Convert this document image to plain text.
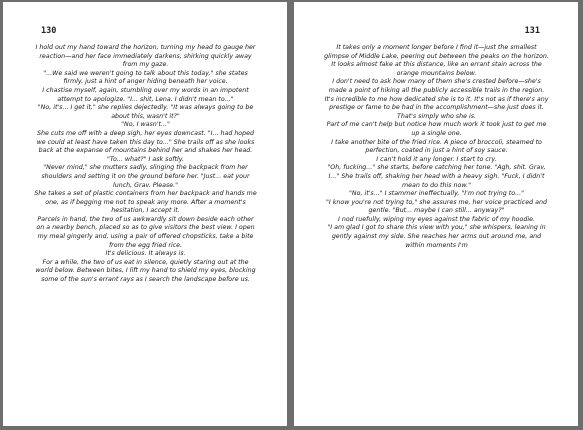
130

I hold out my hand toward the horizon, turning my head to gauge her reaction—and her face immediately darkens, shirking quickly away from my gaze.

"...We said we weren't going to talk about this today," she states firmly, just a hint of anger hiding beneath her voice.

I chastise myself, again, stumbling over my words in an impotent attempt to apologize. "I... shit, Lena. I didn't mean to..."

"No, it's... I get it," she replies dejectedly. "It was always going to be about this, wasn't it?"

"No, I wasn't..."

She cuts me off with a deep sigh, her eyes downcast. "I... had hoped we could at least have taken this day to..." She trails off as she looks back at the expanse of mountains behind her and shakes her head.

"To... what?" I ask softly.

"Never mind," she mutters sadly, slinging the backpack from her shoulders and setting it on the ground before her. "Just... eat your lunch, Grav. Please."

She takes a set of plastic containers from her backpack and hands me one, as if begging me not to speak any more. After a moment's hesitation, I accept it.

Parcels in hand, the two of us awkwardly sit down beside each other on a nearby bench, placed so as to give visitors the best view. I open my meal gingerly and, using a pair of offered chopsticks, take a bite from the egg fried rice.

It's delicious. It always is.

For a while, the two of us eat in silence, quietly staring out at the world below. Between bites, I lift my hand to shield my eyes, blocking some of the sun's errant rays as I search the landscape before us.

131

It takes only a moment longer before I find it—just the smallest glimpse of Middle Lake, peering out between the peaks on the horizon. It looks almost fake at this distance, like an errant stain across the orange mountains below.

I don't need to ask how many of them she's crested before—she's made a point of hiking all the publicly accessible trails in the region. It's incredible to me how dedicated she is to it. It's not as if there's any prestige or fame to be had in the accomplishment—she just does it. That's simply who she is.

Part of me can't help but notice how much work it took just to get me up a single one.

I take another bite of the fried rice. A piece of broccoli, steamed to perfection, coated in just a hint of soy sauce.

I can't hold it any longer. I start to cry.

"Oh, fucking..." she starts, before catching her tone. "Agh, shit. Grav, I..." She trails off, shaking her head with a heavy sigh. "Fuck, I didn't mean to do this now."

"No, it's..." I stammer ineffectually, "I'm not trying to..."

"I know you're not trying to," she assures me, her voice practiced and gentle. "But... maybe I can still... anyway?"

I nod ruefully, wiping my eyes against the fabric of my hoodie.

"I am glad I got to share this view with you," she whispers, leaning in gently against my side. She reaches her arms out around me, and within moments I'm
